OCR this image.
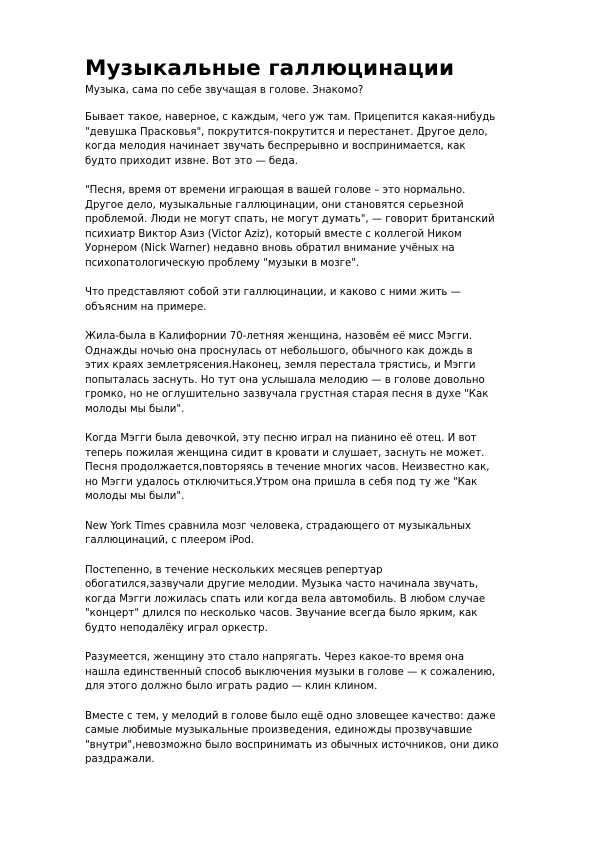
Музыкальные галлюцинации

Музыка, сама по себе звучащая в голове. Знакомо?

Бывает такое, наверное, с каждым, чего уж там. Прицепится какая-нибудь
"девушка Прасковья", покрутится-покрутится и перестанет. Другое дело,
когда мелодия начинает звучать беспрерывно и воспринимается, как
будто приходит извне. Вот это — беда.

"Песня, время от времени играющая в вашей голове – это нормально.
Другое дело, музыкальные галлюцинации, они становятся серьезной
проблемой. Люди не могут спать, не могут думать", — говорит британский
психиатр Виктор Азиз (Victor Aziz), который вместе с коллегой Ником
Уорнером (Nick Warner) недавно вновь обратил внимание учёных на
психопатологическую проблему "музыки в мозге".

Что представляют собой эти галлюцинации, и каково с ними жить —
объясним на примере.

Жила-была в Калифорнии 70-летняя женщина, назовём её мисс Мэгги.
Однажды ночью она проснулась от небольшого, обычного как дождь в
этих краях землетрясения.Наконец, земля перестала трястись, и Мэгги
попыталась заснуть. Но тут она услышала мелодию — в голове довольно
громко, но не оглушительно зазвучала грустная старая песня в духе "Как
молоды мы были".

Когда Мэгги была девочкой, эту песню играл на пианино её отец. И вот
теперь пожилая женщина сидит в кровати и слушает, заснуть не может.
Песня продолжается,повторяясь в течение многих часов. Неизвестно как,
но Мэгги удалось отключиться.Утром она пришла в себя под ту же "Как
молоды мы были".

New York Times сравнила мозг человека, страдающего от музыкальных
галлюцинаций, с плеером iPod.

Постепенно, в течение нескольких месяцев репертуар
обогатился,зазвучали другие мелодии. Музыка часто начинала звучать,
когда Мэгги ложилась спать или когда вела автомобиль. В любом случае
"концерт" длился по несколько часов. Звучание всегда было ярким, как
будто неподалёку играл оркестр.

Разумеется, женщину это стало напрягать. Через какое-то время она
нашла единственный способ выключения музыки в голове — к сожалению,
для этого должно было играть радио — клин клином.

Вместе с тем, у мелодий в голове было ещё одно зловещее качество: даже
самые любимые музыкальные произведения, единожды прозвучавшие
"внутри",невозможно было воспринимать из обычных источников, они дико
раздражали.
